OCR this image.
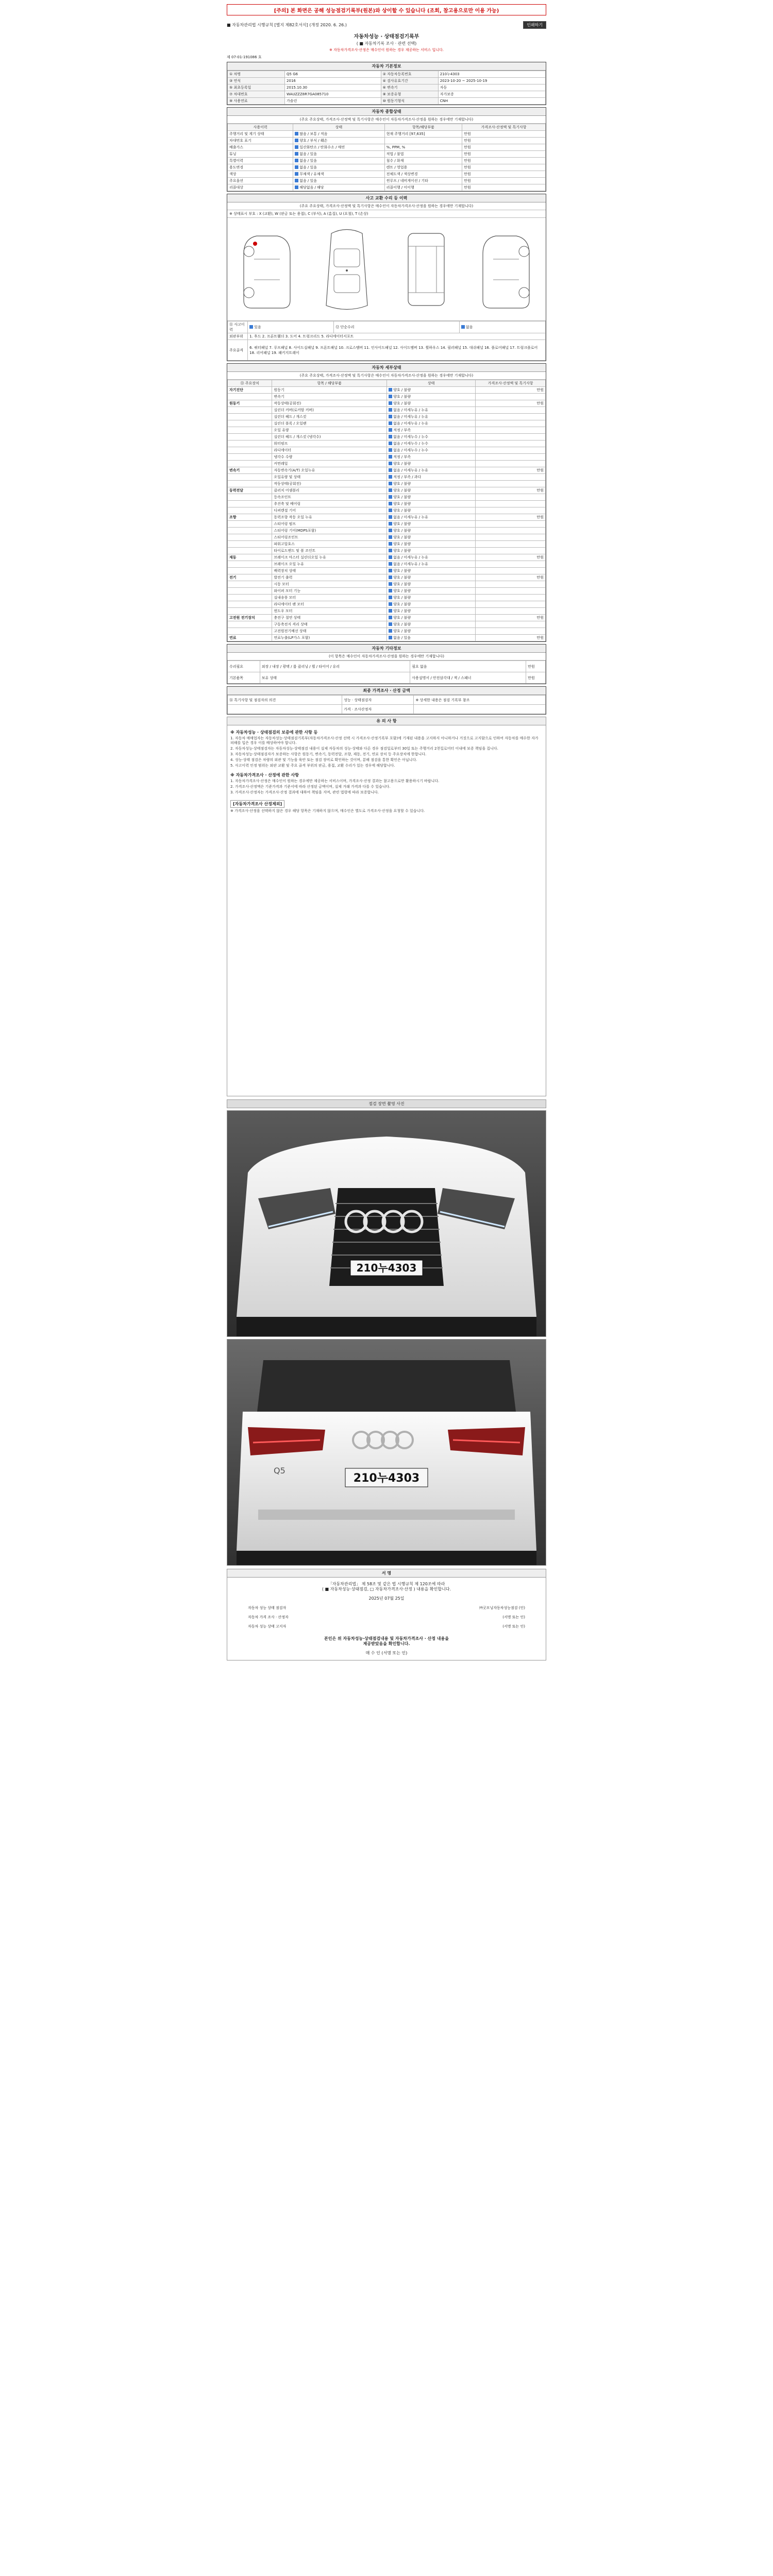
[주의] 본 화면은 공해 성능점검기록부(원본)와 상이할 수 있습니다 (조회, 참고용으로만 이용 가능)
■ 자동차관리법 시행규칙 [별지 제82호서식] (개정 2020. 6. 26.)	인쇄하기
자동차성능 · 상태점검기록부
( ■ 자동차기록 조사 · 관련 선택)
※ 자동차가격조사·산정은 매수인이 원하는 경우 제공하는 서비스 입니다.
제 07-01-191086 호
자동차 기본정보
① 차명	Q5 G6	② 자동차등록번호	210누4303
③ 연식	2016	④ 검사유효기간	2023-10-20 ~ 2025-10-19
⑤ 최초등록일	2015.10.30	⑥ 변속기	자동
⑦ 차대번호	WAUZZZ8R7GA085710	⑧ 보증유형	자가보증
⑨ 사용연료	가솔린	⑩ 원동기형식	CNH
자동차 종합상태
(주요 주요상태, 가격조사·산정액 및 특기사항은 매수인이 자동차가격조사·산정을 원하는 경우에만 기재합니다)
사용이력	상태	항목/해당부품	가격조사·산정액 및 특기사항
주행거리 및 계기 상태	많음 / 보통 / 적음	현재 주행거리 [97,635]	만원
차대번호 표기	양호 / 부식 / 훼손		만원
배출가스	일산화탄소 / 탄화수소 / 매연	%, PPM, %	만원
튜닝	없음 / 있음	적법 / 불법	만원
특별이력	없음 / 있음	침수 / 화재	만원
용도변경	없음 / 있음	렌트 / 영업용	만원
색상	무채색 / 유채색	전체도색 / 색상변경	만원
주요옵션	없음 / 있음	썬루프 / 네비게이션 / 기타	만원
리콜대상	해당없음 / 해당	리콜이행 / 미이행	만원
사고 교환 수리 등 이력
(주요 주요상태, 가격조사·산정액 및 특기사항은 매수인이 자동차가격조사·산정을 원하는 경우에만 기재합니다)
※ 상태표시 부호 : X (교환), W (판금 또는 용접), C (부식), A (흠집), U (요철), T (손상)
⑪ 사고이력	있음	⑫ 단순수리	없음
외판부위	1. 후드 2. 프론트휀더 3. 도어 4. 트렁크리드 5. 라디에이터서포트		
주요골격	6. 쿼터패널 7. 루프패널 8. 사이드실패널 9. 프론트패널 10. 크로스멤버 11. 인사이드패널 12. 사이드멤버 13. 휠하우스 14. 필러패널 15. 대쉬패널 16. 플로어패널 17. 트렁크플로어 18. 리어패널 19. 패키지트레이		
자동차 세부상태
(주요 주요상태, 가격조사·산정액 및 특기사항은 매수인이 자동차가격조사·산정을 원하는 경우에만 기재합니다)
⑬ 주요장치	항목 / 해당부품	상태	가격조사·산정액 및 특기사항
자기진단	원동기	양호 / 불량	만원
	변속기	양호 / 불량	
원동기	작동상태(공회전)	양호 / 불량	만원
	실린더 커버(로커암 커버)	없음 / 미세누유 / 누유	
	실린더 헤드 / 개스킷	없음 / 미세누유 / 누유	
	실린더 블록 / 오일팬	없음 / 미세누유 / 누유	
	오일 유량	적정 / 부족	
	실린더 헤드 / 개스킷 (냉각수)	없음 / 미세누수 / 누수	
	워터펌프	없음 / 미세누수 / 누수	
	라디에이터	없음 / 미세누수 / 누수	
	냉각수 수량	적정 / 부족	
	커먼레일	양호 / 불량	
변속기	자동변속기(A/T) 오일누유	없음 / 미세누유 / 누유	만원
	오일유량 및 상태	적정 / 부족 / 과다	
	작동상태(공회전)	양호 / 불량	
동력전달	클러치 어셈블리	양호 / 불량	만원
	등속조인트	양호 / 불량	
	추진축 및 베어링	양호 / 불량	
	디퍼렌셜 기어	양호 / 불량	
조향	동력조향 작동 오일 누유	없음 / 미세누유 / 누유	만원
	스티어링 펌프	양호 / 불량	
	스티어링 기어(MDPS포함)	양호 / 불량	
	스티어링조인트	양호 / 불량	
	파워고압호스	양호 / 불량	
	타이로드엔드 및 볼 조인트	양호 / 불량	
제동	브레이크 마스터 실린더오일 누유	없음 / 미세누유 / 누유	만원
	브레이크 오일 누유	없음 / 미세누유 / 누유	
	배력장치 상태	양호 / 불량	
전기	발전기 출력	양호 / 불량	만원
	시동 모터	양호 / 불량	
	와이퍼 모터 기능	양호 / 불량	
	실내송풍 모터	양호 / 불량	
	라디에이터 팬 모터	양호 / 불량	
	윈도우 모터	양호 / 불량	
고전원 전기장치	충전구 절연 상태	양호 / 불량	만원
	구동축전지 격리 상태	양호 / 불량	
	고전원전기배선 상태	양호 / 불량	
연료	연료누출(LP가스 포함)	없음 / 있음	만원
자동차 기타정보
(이 항목은 매수인이 자동차가격조사·산정을 원하는 경우에만 기재합니다)
수리필요	외장 / 내장 / 광택 / 룸 클리닝 / 휠 / 타이어 / 유리	필요 없음	만원
기본품목	보유 상태	사용설명서 / 안전삼각대 / 잭 / 스패너	만원
최종 가격조사 · 산정 금액
⑭ 특기사항 및 점검자의 의견	성능 · 상태점검자	※ 상세한 내용은 점검 기록부 참조
	가격 · 조사산정자	
유 의 사 항
※ 자동차성능 · 상태점검의 보증에 관한 사항 등
1. 자동차 매매업자는 자동차성능·상태점검기록부(자동차가격조사·산정 선택 시 가격조사·산정기록부 포함)에 기재된 내용을 고지하지 아니하거나 거짓으로 고지함으로 인하여 자동차를 매수한 자가 피해를 입은 경우 이를 배상하여야 합니다.
2. 자동차성능·상태점검자는 자동차성능·상태점검 내용이 실제 자동차의 성능·상태와 다른 경우 점검일로부터 30일 또는 주행거리 2천킬로미터 이내에 보증 책임을 집니다.
3. 자동차성능·상태점검자가 보증하는 사항은 원동기, 변속기, 동력전달, 조향, 제동, 전기, 연료 장치 등 주요장치에 한합니다.
4. 성능·상태 점검은 차량의 외관 및 기능을 육안 또는 점검 장비로 확인하는 것이며, 분해 점검을 통한 확인은 아닙니다.
5. 사고이력 인정 범위는 외판 교환 및 주요 골격 부위의 판금, 용접, 교환 수리가 있는 경우에 해당합니다.
※ 자동차가격조사 · 산정에 관한 사항
1. 자동차가격조사·산정은 매수인이 원하는 경우에만 제공하는 서비스이며, 가격조사·산정 결과는 참고용으로만 활용하시기 바랍니다.
2. 가격조사·산정액은 기준가격과 기준서에 따라 산정된 금액이며, 실제 거래 가격과 다를 수 있습니다.
3. 가격조사·산정자는 가격조사·산정 결과에 대하여 책임을 지며, 관련 법령에 따라 보증합니다.
[자동차가격조사 산정제외]
※ 가격조사·산정을 선택하지 않은 경우 해당 항목은 기재하지 않으며, 매수인은 별도로 가격조사·산정을 요청할 수 있습니다.
점검 장면 촬영 사진
210누4303
Q5
210누4303
서 명
「자동차관리법」 제 58조 및 같은 법 시행규칙 제 120조에 따라
( ■ 자동차성능·상태점검, □ 자동차가격조사·산정 ) 내용을 확인합니다.
2025년 07월 25일
자동차 성능 상태 점검자	㈜굿모닝자동차성능점검 (인)
자동차 가격 조사 · 산정자	(서명 또는 인)
자동차 성능 상태 고지자	(서명 또는 인)
본인은 위 자동차성능·상태점검내용 및 자동차가격조사 · 산정 내용을
제공받았음을 확인합니다.
매 수 인 (서명 또는 인)
